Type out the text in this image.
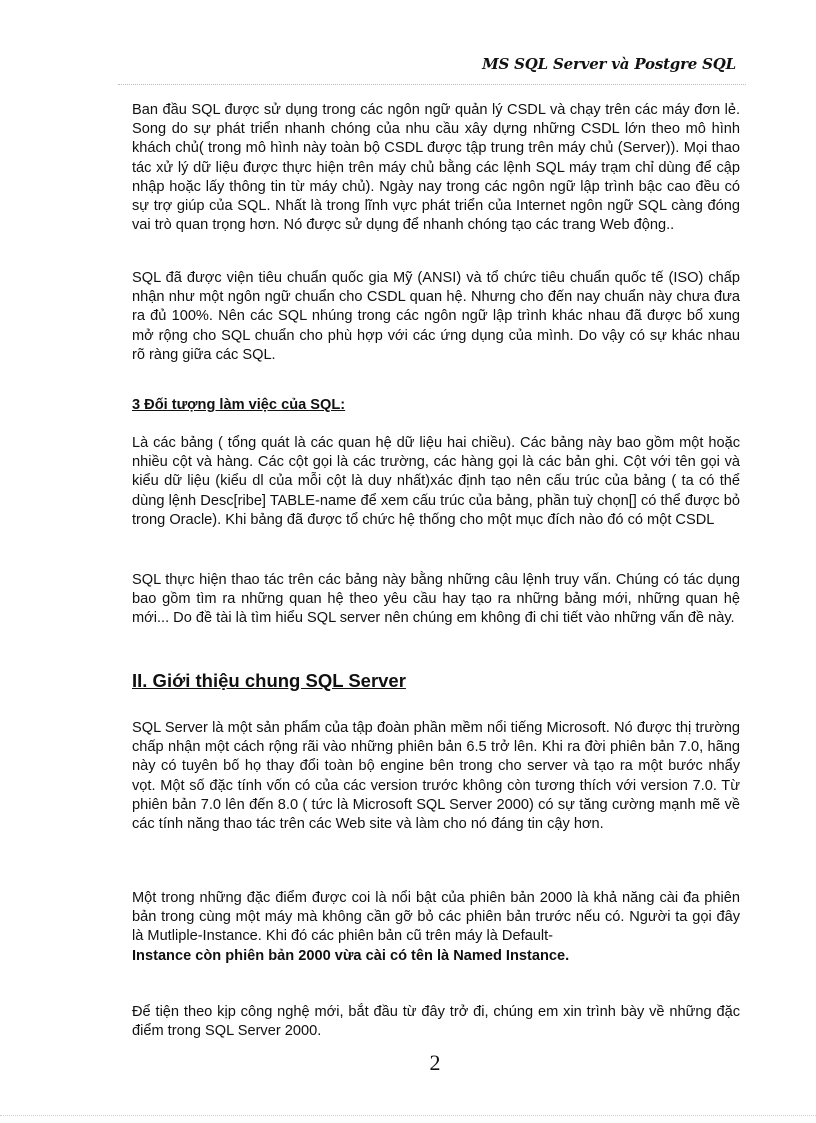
MS SQL Server và Postgre SQL

Ban đầu SQL được sử dụng trong các ngôn ngữ quản lý CSDL và chạy trên các máy đơn lẻ. Song do sự phát triển nhanh chóng của nhu cầu xây dựng những CSDL lớn theo mô hình khách chủ( trong mô hình này toàn bộ CSDL được tập trung trên máy chủ (Server)). Mọi thao tác xử lý dữ liệu được thực hiện trên máy chủ bằng các lệnh SQL máy trạm chỉ dùng để cập nhập hoặc lấy thông tin từ máy chủ). Ngày nay trong các ngôn ngữ lập trình bậc cao đều có sự trợ giúp của SQL. Nhất là trong lĩnh vực phát triển của Internet ngôn ngữ SQL càng đóng vai trò quan trọng hơn. Nó được sử dụng để nhanh chóng tạo các trang Web động..

SQL đã được viện tiêu chuẩn quốc gia Mỹ (ANSI) và tổ chức tiêu chuẩn quốc tế (ISO) chấp nhận như một ngôn ngữ chuẩn cho CSDL quan hệ. Nhưng cho đến nay chuẩn này chưa đưa ra đủ 100%. Nên các SQL nhúng trong các ngôn ngữ lập trình khác nhau đã được bổ xung mở rộng cho SQL chuẩn cho phù hợp với các ứng dụng của mình. Do vậy có sự khác nhau rõ ràng giữa các SQL.

3 Đối tượng làm việc của SQL:

Là các bảng ( tổng quát là các quan hệ dữ liệu hai chiều). Các bảng này bao gồm một hoặc nhiều cột và hàng. Các cột gọi là các trường, các hàng gọi là các bản ghi. Cột với tên gọi và kiểu dữ liệu (kiểu dl của mỗi cột là duy nhất)xác định tạo nên cấu trúc của bảng ( ta có thể dùng lệnh Desc[ribe] TABLE-name để xem cấu trúc của bảng, phần tuỳ chọn[] có thể được bỏ trong Oracle). Khi bảng đã được tổ chức hệ thống cho một mục đích nào đó có một CSDL

SQL thực hiện thao tác trên các bảng này bằng những câu lệnh truy vấn. Chúng có tác dụng bao gồm tìm ra những quan hệ theo yêu cầu hay tạo ra những bảng mới, những quan hệ mới... Do đề tài là tìm hiểu SQL server nên chúng em không đi chi tiết vào những vấn đề này.

II. Giới thiệu chung SQL Server

SQL Server là một sản phẩm của tập đoàn phần mềm nổi tiếng Microsoft. Nó được thị trường chấp nhận một cách rộng rãi vào những phiên bản 6.5 trở lên. Khi ra đời phiên bản 7.0, hãng này có tuyên bố họ thay đổi toàn bộ engine bên trong cho server và tạo ra một bước nhẩy vọt. Một số đặc tính vốn có của các version trước không còn tương thích với version 7.0. Từ phiên bản 7.0 lên đến 8.0 ( tức là Microsoft SQL Server 2000) có sự tăng cường mạnh mẽ về các tính năng thao tác trên các Web site và làm cho nó đáng tin cậy hơn.

Một trong những đặc điểm được coi là nổi bật của phiên bản 2000 là khả năng cài đa phiên bản trong cùng một máy mà không cần gỡ bỏ các phiên bản trước nếu có. Người ta gọi đây là Mutliple-Instance. Khi đó các phiên bản cũ trên máy là Default-
Instance còn phiên bản 2000 vừa cài có tên là Named Instance.

Để tiện theo kịp công nghệ mới, bắt đầu từ đây trở đi, chúng em xin trình bày về những đặc điểm trong SQL Server 2000.

2
